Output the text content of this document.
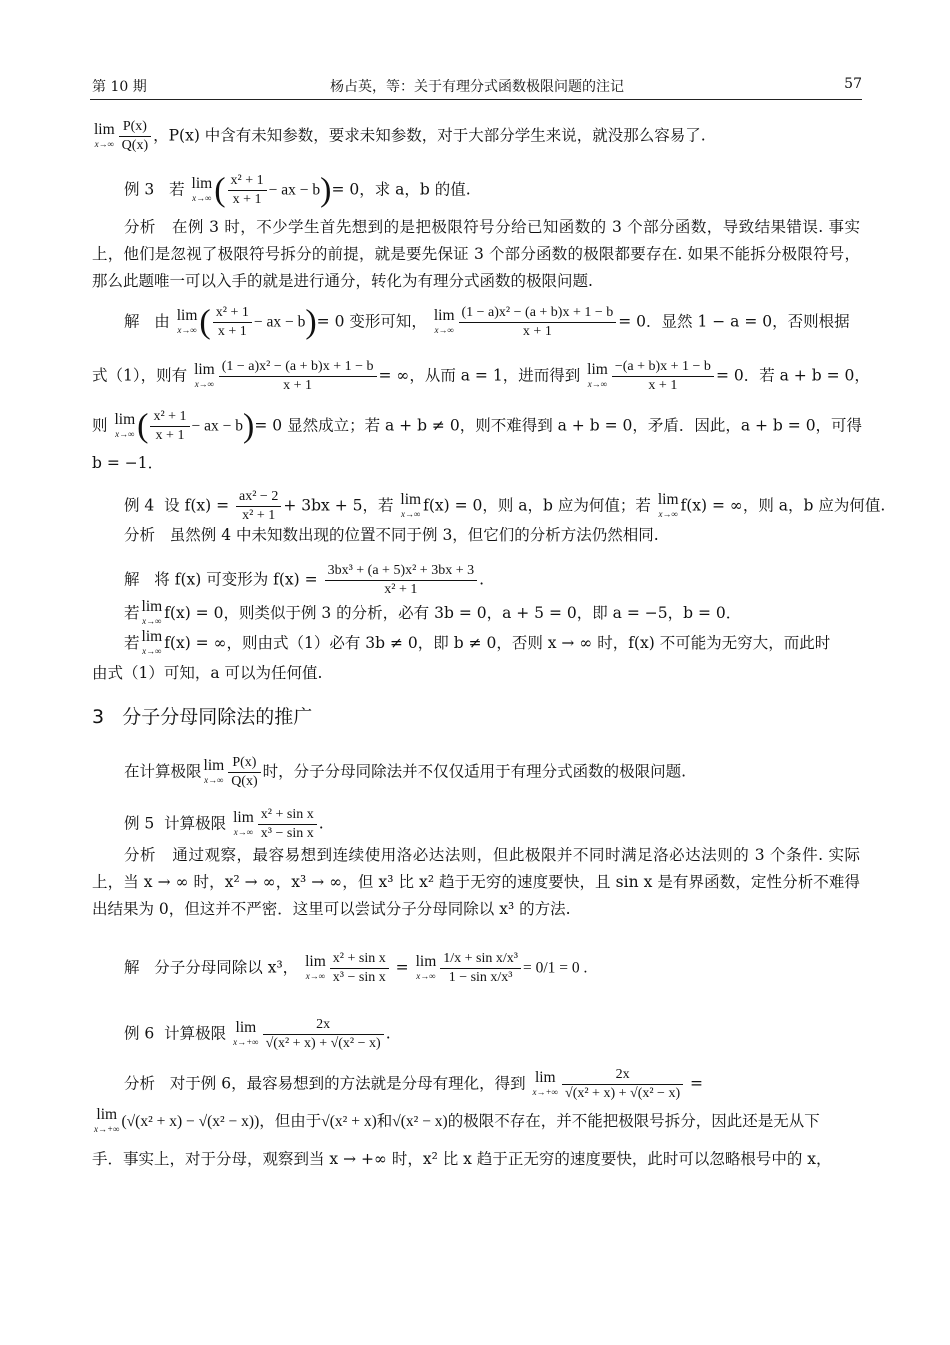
第 10 期	杨占英，等：关于有理分式函数极限问题的注记	57
lim
$x\to\infty \frac{P(x)}{Q(x)}$ ，P(x) 中含有未知参数，要求未知参数，对于大部分学生来说，就没那么容易了.
例 3 若 lim
x→∞ ( $\frac{\text{x² + 1}}{x + 1}$ − ax − b)= 0，求 a，b 的值.
分析 在例 3 时，不少学生首先想到的是把极限符号分给已知函数的 3 个部分函数，导致结果错误. 事实上，他们是忽视了极限符号拆分的前提，就是要先保证 3 个部分函数的极限都要存在. 如果不能拆分极限符号，那么此题唯一可以入手的就是进行通分，转化为有理分式函数的极限问题.
解 由 lim
x→∞ ( $\frac{\text{x² + 1}}{x + 1}$ − ax − b)= 0 变形可知， lim
$x\to\infty \frac{\text{(1 − a)x² − (a + b)x + 1 − b}}{x + 1} = 0$．显然 1 − a = 0，否则根据
式（1），则有 lim
$x\to\infty \frac{\text{(1 − a)x² − (a + b)x + 1 − b}}{x + 1}$ = ∞，从而 a = 1，进而得到 lim
$x\to\infty \frac{-(a + b)x + 1 - b}{x + 1} = 0$．若 a + b = 0，
则 lim
x→∞ ( $\frac{\text{x² + 1}}{x + 1}$ − ax − b)= 0 显然成立；若 a + b ≠ 0，则不难得到 a + b = 0，矛盾．因此，a + b = 0，可得
b = −1．
例 4 设 $f(x) = \frac{\text{ax² − 2}}{\text{x² + 1}} + 3bx + 5$，若 lim
x→∞ f(x) = 0，则 a，b 应为何值；若 lim
x→∞ f(x) = ∞，则 a，b 应为何值.
分析 虽然例 4 中未知数出现的位置不同于例 3，但它们的分析方法仍然相同.
解 将 f(x) 可变形为 $f(x) = \frac{\text{3bx³ + (a + 5)x² + 3bx + 3}}{\text{x² + 1}}$ .
若 lim
x→∞ f(x) = 0，则类似于例 3 的分析，必有 3b = 0，a + 5 = 0，即 a = −5，b = 0．
若 lim
x→∞ f(x) = ∞，则由式（1）必有 3b ≠ 0，即 b ≠ 0，否则 x → ∞ 时，f(x) 不可能为无穷大，而此时
由式（1）可知，a 可以为任何值.
3 分子分母同除法的推广
在计算极限 lim
$x\to\infty \frac{P(x)}{Q(x)}$ 时，分子分母同除法并不仅仅适用于有理分式函数的极限问题.
例 5 计算极限 lim
$x\to\infty \frac{\text{x² + sin x}}{\text{x³ − sin x}}$ .
分析 通过观察，最容易想到连续使用洛必达法则，但此极限并不同时满足洛必达法则的 3 个条件. 实际上，当 x → ∞ 时，x² → ∞，x³ → ∞，但 x³ 比 x² 趋于无穷的速度要快，且 sin x 是有界函数，定性分析不难得出结果为 0，但这并不严密．这里可以尝试分子分母同除以 x³ 的方法.
解 分子分母同除以 x³， lim
$x\to\infty \frac{\text{x² + sin x}}{\text{x³ − sin x}} = \lim$
$x\to\infty \frac{\text{1/x + sin x/x³}}{\text{1 − sin x/x³}} = 0/1 = 0$ .
例 6 计算极限 lim
$x\to+\infty \frac{2x}{\text{√(x² + x) + √(x² − x)}}$ .
分析 对于例 6，最容易想到的方法就是分母有理化，得到 lim
$x\to+\infty \frac{2x}{\text{√(x² + x) + √(x² − x)}}$ =
lim
x→+∞ (√(x² + x) − √(x² − x))，但由于√(x² + x)和√(x² − x)的极限不存在，并不能把极限号拆分，因此还是无从下
手．事实上，对于分母，观察到当 x → +∞ 时，x² 比 x 趋于正无穷的速度要快，此时可以忽略根号中的 x，
